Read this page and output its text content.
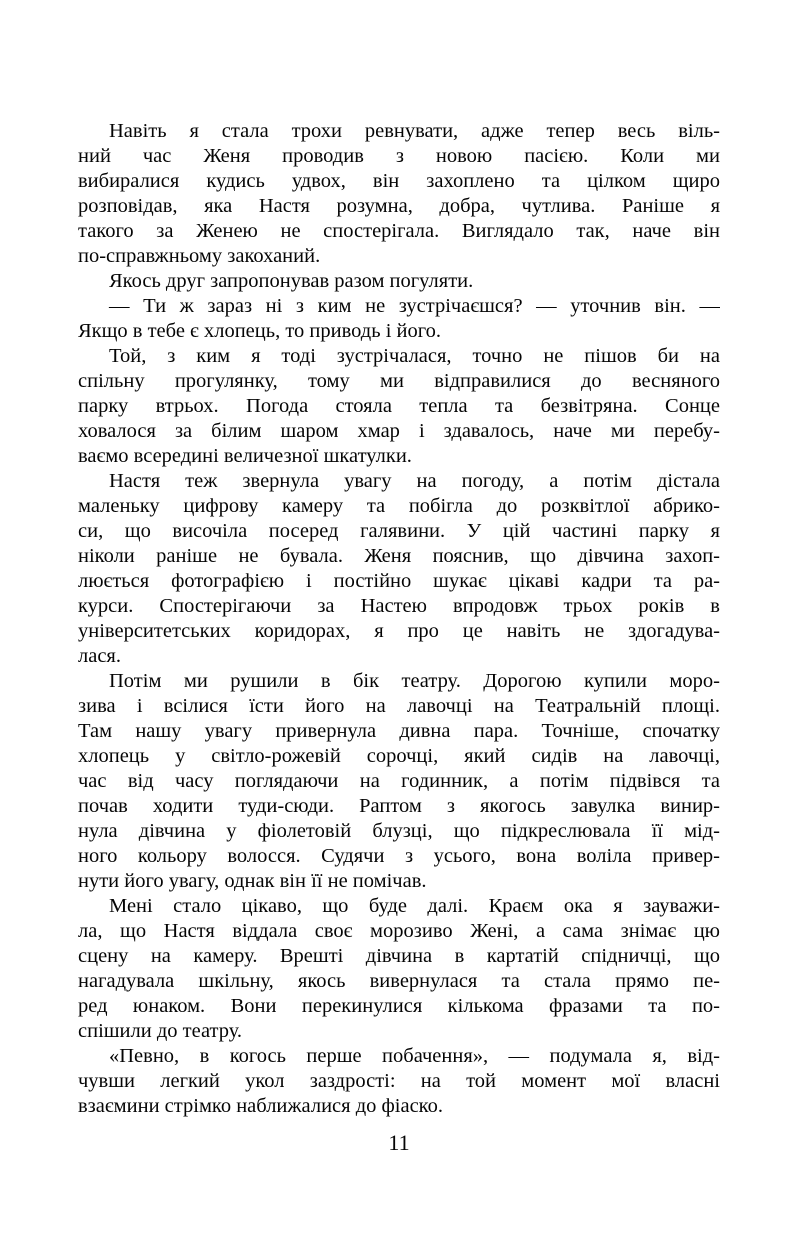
Навіть я стала трохи ревнувати, адже тепер весь віль-
ний час Женя проводив з новою пасією. Коли ми
вибиралися кудись удвох, він захоплено та цілком щиро
розповідав, яка Настя розумна, добра, чутлива. Раніше я
такого за Женею не спостерігала. Виглядало так, наче він
по-справжньому закоханий.
Якось друг запропонував разом погуляти.
— Ти ж зараз ні з ким не зустрічаєшся? — уточнив він. —
Якщо в тебе є хлопець, то приводь і його.
Той, з ким я тоді зустрічалася, точно не пішов би на
спільну прогулянку, тому ми відправилися до весняного
парку втрьох. Погода стояла тепла та безвітряна. Сонце
ховалося за білим шаром хмар і здавалось, наче ми перебу-
ваємо всередині величезної шкатулки.
Настя теж звернула увагу на погоду, а потім дістала
маленьку цифрову камеру та побігла до розквітлої абрико-
си, що височіла посеред галявини. У цій частині парку я
ніколи раніше не бувала. Женя пояснив, що дівчина захоп-
люється фотографією і постійно шукає цікаві кадри та ра-
курси. Спостерігаючи за Настею впродовж трьох років в
університетських коридорах, я про це навіть не здогадува-
лася.
Потім ми рушили в бік театру. Дорогою купили моро-
зива і всілися їсти його на лавочці на Театральній площі.
Там нашу увагу привернула дивна пара. Точніше, спочатку
хлопець у світло-рожевій сорочці, який сидів на лавочці,
час від часу поглядаючи на годинник, а потім підвівся та
почав ходити туди-сюди. Раптом з якогось завулка винир-
нула дівчина у фіолетовій блузці, що підкреслювала її мід-
ного кольору волосся. Судячи з усього, вона воліла привер-
нути його увагу, однак він її не помічав.
Мені стало цікаво, що буде далі. Краєм ока я зауважи-
ла, що Настя віддала своє морозиво Жені, а сама знімає цю
сцену на камеру. Врешті дівчина в картатій спідничці, що
нагадувала шкільну, якось вивернулася та стала прямо пе-
ред юнаком. Вони перекинулися кількома фразами та по-
спішили до театру.
«Певно, в когось перше побачення», — подумала я, від-
чувши легкий укол заздрості: на той момент мої власні
взаємини стрімко наближалися до фіаско.
11
